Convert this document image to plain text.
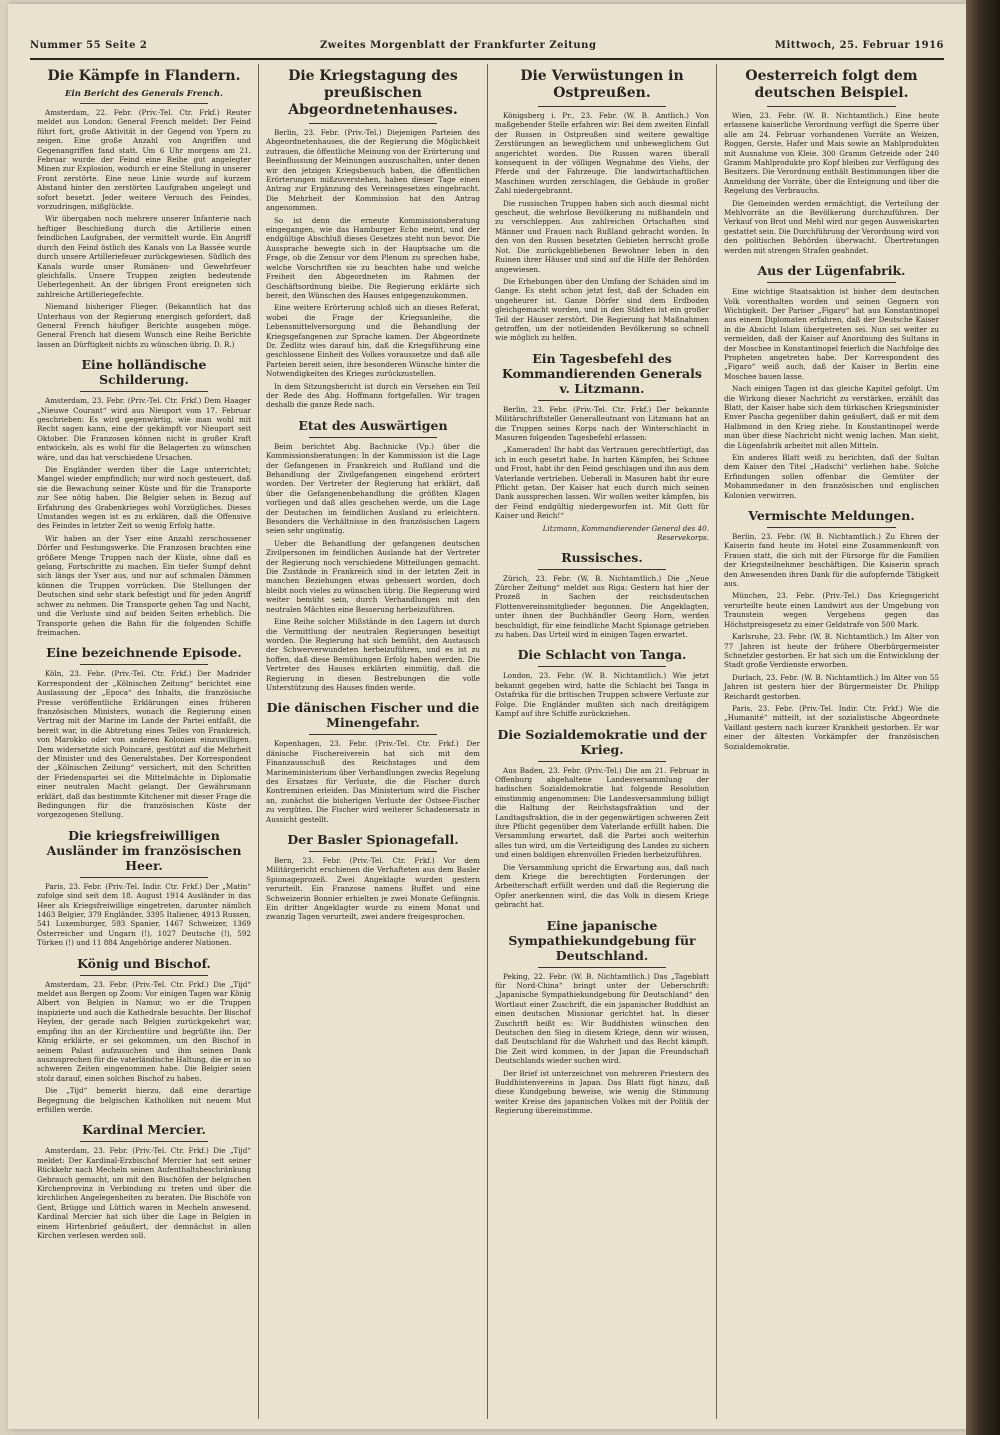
Nummer 55 Seite 2	Zweites Morgenblatt der Frankfurter Zeitung	Mittwoch, 25. Februar 1916
Die Kämpfe in Flandern.
Ein Bericht des Generals French.

Amsterdam, 22. Febr. (Priv.-Tel. Ctr. Frkf.) Reuter meldet aus London: General French meldet: Der Feind führt fort, große Aktivität in der Gegend von Ypern zu zeigen. Eine große Anzahl von Angriffen und Gegenangriffen fand statt. Um 6 Uhr morgens am 21. Februar wurde der Feind eine Reihe gut angelegter Minen zur Explosion, wodurch er eine Stellung in unserer Front zerstörte. Eine neue Linie wurde auf kurzem Abstand hinter den zerstörten Laufgraben angelegt und sofort besetzt. Jeder weitere Versuch des Feindes, vorzudringen, mißglückte.

Wir übergaben noch mehrere unserer Infanterie nach heftiger Beschießung durch die Artillerie einen feindlichen Laufgraben, der vermittelt wurde. Ein Angriff durch den Feind östlich des Kanals von La Bassée wurde durch unsere Artilleriefeuer zurückgewiesen. Südlich des Kanals wurde unser Rumänen- und Gewehrfeuer gleichfalls. Unsere Truppen zeigten bedeutende Ueberlegenheit. An der übrigen Front ereigneten sich zahlreiche Artilleriegefechte.

Niemand bisheriger Flieger. (Bekanntlich hat das Unterhaus von der Regierung energisch gefordert, daß General French häufiger Berichte ausgeben möge. General French hat diesem Wunsch eine Reihe Berichte lassen an Dürftigkeit nichts zu wünschen übrig. D. R.)

Eine holländische Schilderung.

Amsterdam, 23. Febr. (Priv.-Tel. Ctr. Frkf.) Dem Haager „Nieuwe Courant“ wird aus Nieuport vom 17. Februar geschrieben: Es wird gegenwärtig, wie man wohl mit Recht sagen kann, eine der gekämpft vor Nieuport seit Oktober. Die Franzosen können nicht in großer Kraft entwickeln, als es wohl für die Belagerten zu wünschen wäre, und das hat verschiedene Ursachen.

Die Engländer werden über die Lage unterrichtet; Mangel wieder empfindlich; nur wird noch gesteuert, daß sie die Bewachung seiner Küste und für die Transporte zur See nötig haben. Die Belgier sehen in Bezug auf Erfahrung des Grabenkrieges wohl Vorzügliches. Dieses Umstandes wegen ist es zu erklären, daß die Offensive des Feindes in letzter Zeit so wenig Erfolg hatte.

Wir haben an der Yser eine Anzahl zerschossener Dörfer und Festungswerke. Die Franzosen brachten eine größere Menge Truppen nach der Küste, ohne daß es gelang, Fortschritte zu machen. Ein tiefer Sumpf dehnt sich längs der Yser aus, und nur auf schmalen Dämmen können die Truppen vorrücken. Die Stellungen der Deutschen sind sehr stark befestigt und für jeden Angriff schwer zu nehmen. Die Transporte gehen Tag und Nacht, und die Verluste sind auf beiden Seiten erheblich. Die Transporte gehen die Bahn für die folgenden Schiffe freimachen.

Eine bezeichnende Episode.

Köln, 23. Febr. (Priv.-Tel. Ctr. Frkf.) Der Madrider Korrespondent der „Kölnischen Zeitung“ berichtet eine Auslassung der „Epoca“ des Inhalts, die französische Presse veröffentliche Erklärungen eines früheren französischen Ministers, wonach die Regierung einen Vertrag mit der Marine im Lande der Partei entfaßt, die bereit war, in die Abtretung eines Teiles von Frankreich, von Marokko oder von anderen Kolonien einzuwilligen. Dem widersetzte sich Poincaré, gestützt auf die Mehrheit der Minister und des Generalstabes. Der Korrespondent der „Kölnischen Zeitung“ versichert, mit den Schritten der Friedenspartei sei die Mittelmächte in Diplomatie einer neutralen Macht gelangt. Der Gewährsmann erklärt, daß das bestimmte Kitchener mit dieser Frage die Bedingungen für die französischen Küste der vorgezogenen Stellung.

Die kriegsfreiwilligen Ausländer im französischen Heer.

Paris, 23. Febr. (Priv.-Tel. Indir. Ctr. Frkf.) Der „Matin“ zufolge sind seit dem 18. August 1914 Ausländer in das Heer als Kriegsfreiwillige eingetreten, darunter nämlich 1463 Belgier, 379 Engländer, 3395 Italiener, 4913 Russen, 541 Luxemburger, 593 Spanier, 1467 Schweizer, 1369 Österreicher und Ungarn (!), 1027 Deutsche (!), 592 Türken (!) und 11 884 Angehörige anderer Nationen.

König und Bischof.

Amsterdam, 23. Febr. (Priv.-Tel. Ctr. Frkf.) Die „Tijd“ meldet aus Bergen op Zoom: Vor einigen Tagen war König Albert von Belgien in Namur, wo er die Truppen inspizierte und auch die Kathedrale besuchte. Der Bischof Heylen, der gerade nach Belgien zurückgekehrt war, empfing ihn an der Kirchentüre und begrüßte ihn. Der König erklärte, er sei gekommen, um den Bischof in seinem Palast aufzusuchen und ihm seinen Dank auszusprechen für die vaterländische Haltung, die er in so schweren Zeiten eingenommen habe. Die Belgier seien stolz darauf, einen solchen Bischof zu haben.

Die „Tijd“ bemerkt hierzu, daß eine derartige Begegnung die belgischen Katholiken mit neuem Mut erfüllen werde.

Kardinal Mercier.

Amsterdam, 23. Febr. (Priv.-Tel. Ctr. Frkf.) Die „Tijd“ meldet: Der Kardinal-Erzbischof Mercier hat seit seiner Rückkehr nach Mecheln seinen Aufenthaltsbeschränkung Gebrauch gemacht, um mit den Bischöfen der belgischen Kirchenprovinz in Verbindung zu treten und über die kirchlichen Angelegenheiten zu beraten. Die Bischöfe von Gent, Brügge und Lüttich waren in Mecheln anwesend. Kardinal Mercier hat sich über die Lage in Belgien in einem Hirtenbrief geäußert, der demnächst in allen Kirchen verlesen werden soll.

Die Kriegstagung des preußischen Abgeordnetenhauses.

Berlin, 23. Febr. (Priv.-Tel.) Diejenigen Parteien des Abgeordnetenhauses, die der Regierung die Möglichkeit zutrauen, die öffentliche Meinung von der Erörterung und Beeinflussung der Meinungen auszuschalten, unter denen wir den jetzigen Kriegsbesuch haben, die öffentlichen Erörterungen mißzuverstehen, haben dieser Tage einen Antrag zur Ergänzung des Vereinsgesetzes eingebracht. Die Mehrheit der Kommission hat den Antrag angenommen.

So ist denn die erneute Kommissionsberatung eingegangen, wie das Hamburger Echo meint, und der endgültige Abschluß dieses Gesetzes steht nun bevor. Die Aussprache bewegte sich in der Hauptsache um die Frage, ob die Zensur vor dem Plenum zu sprechen habe, welche Vorschriften sie zu beachten habe und welche Freiheit den Abgeordneten im Rahmen der Geschäftsordnung bleibe. Die Regierung erklärte sich bereit, den Wünschen des Hauses entgegenzukommen.

Eine weitere Erörterung schloß sich an dieses Referat, wobei die Frage der Kriegsanleihe, die Lebensmittelversorgung und die Behandlung der Kriegsgefangenen zur Sprache kamen. Der Abgeordnete Dr. Zedlitz wies darauf hin, daß die Kriegsführung eine geschlossene Einheit des Volkes voraussetze und daß alle Parteien bereit seien, ihre besonderen Wünsche hinter die Notwendigkeiten des Krieges zurückzustellen.

In dem Sitzungsbericht ist durch ein Versehen ein Teil der Rede des Abg. Hoffmann fortgefallen. Wir tragen deshalb die ganze Rede nach.

Etat des Auswärtigen

Beim berichtet Abg. Bachnicke (Vp.) über die Kommissionsberatungen: In der Kommission ist die Lage der Gefangenen in Frankreich und Rußland und die Behandlung der Zivilgefangenen eingehend erörtert worden. Der Vertreter der Regierung hat erklärt, daß über die Gefangenenbehandlung die größten Klagen vorliegen und daß alles geschehen werde, um die Lage der Deutschen im feindlichen Ausland zu erleichtern. Besonders die Verhältnisse in den französischen Lagern seien sehr ungünstig.

Ueber die Behandlung der gefangenen deutschen Zivilpersonen im feindlichen Auslande hat der Vertreter der Regierung noch verschiedene Mitteilungen gemacht. Die Zustände in Frankreich sind in der letzten Zeit in manchen Beziehungen etwas gebessert worden, doch bleibt noch vieles zu wünschen übrig. Die Regierung wird weiter bemüht sein, durch Verhandlungen mit den neutralen Mächten eine Besserung herbeizuführen.

Eine Reihe solcher Mißstände in den Lagern ist durch die Vermittlung der neutralen Regierungen beseitigt worden. Die Regierung hat sich bemüht, den Austausch der Schwerverwundeten herbeizuführen, und es ist zu hoffen, daß diese Bemühungen Erfolg haben werden. Die Vertreter des Hauses erklärten einmütig, daß die Regierung in diesen Bestrebungen die volle Unterstützung des Hauses finden werde.

Die dänischen Fischer und die Minengefahr.

Kopenhagen, 23. Febr. (Priv.-Tel. Ctr. Frkf.) Der dänische Fischereiverein hat sich mit dem Finanzausschuß des Reichstages und dem Marineministerium über Verhandlungen zwecks Regelung des Ersatzes für Verluste, die die Fischer durch Kontreminen erleiden. Das Ministerium wird die Fischer an, zunächst die bisherigen Verluste der Ostsee-Fischer zu vergüten. Die Fischer wird weiterer Schadenersatz in Aussicht gestellt.

Der Basler Spionagefall.

Bern, 23. Febr. (Priv.-Tel. Ctr. Frkf.) Vor dem Militärgericht erschienen die Verhafteten aus dem Basler Spionageprozeß. Zwei Angeklagte wurden gestern verurteilt. Ein Franzose namens Buffet und eine Schweizerin Bonnier erhielten je zwei Monate Gefängnis. Ein dritter Angeklagter wurde zu einem Monat und zwanzig Tagen verurteilt, zwei andere freigesprochen.

Die Verwüstungen in Ostpreußen.

Königsberg i. Pr., 23. Febr. (W. B. Amtlich.) Von maßgebender Stelle erfahren wir: Bei dem zweiten Einfall der Russen in Ostpreußen sind weitere gewaltige Zerstörungen an beweglichem und unbeweglichem Gut angerichtet worden. Die Russen waren überall konsequent in der völligen Wegnahme des Viehs, der Pferde und der Fahrzeuge. Die landwirtschaftlichen Maschinen wurden zerschlagen, die Gebäude in großer Zahl niedergebrannt.

Die russischen Truppen haben sich auch diesmal nicht gescheut, die wehrlose Bevölkerung zu mißhandeln und zu verschleppen. Aus zahlreichen Ortschaften sind Männer und Frauen nach Rußland gebracht worden. In den von den Russen besetzten Gebieten herrscht große Not. Die zurückgebliebenen Bewohner leben in den Ruinen ihrer Häuser und sind auf die Hilfe der Behörden angewiesen.

Die Erhebungen über den Umfang der Schäden sind im Gange. Es steht schon jetzt fest, daß der Schaden ein ungeheurer ist. Ganze Dörfer sind dem Erdboden gleichgemacht worden, und in den Städten ist ein großer Teil der Häuser zerstört. Die Regierung hat Maßnahmen getroffen, um der notleidenden Bevölkerung so schnell wie möglich zu helfen.

Ein Tagesbefehl des Kommandierenden Generals v. Litzmann.

Berlin, 23. Febr. (Priv.-Tel. Ctr. Frkf.) Der bekannte Militärschriftsteller Generalleutnant von Litzmann hat an die Truppen seines Korps nach der Winterschlacht in Masuren folgenden Tagesbefehl erlassen:

„Kameraden! Ihr habt das Vertrauen gerechtfertigt, das ich in euch gesetzt habe. In harten Kämpfen, bei Schnee und Frost, habt ihr den Feind geschlagen und ihn aus dem Vaterlande vertrieben. Ueberall in Masuren habt ihr eure Pflicht getan. Der Kaiser hat euch durch mich seinen Dank aussprechen lassen. Wir wollen weiter kämpfen, bis der Feind endgültig niedergeworfen ist. Mit Gott für Kaiser und Reich!“

Litzmann, Kommandierender General des 40. Reservekorps.
Russisches.

Zürich, 23. Febr. (W. B. Nichtamtlich.) Die „Neue Zürcher Zeitung“ meldet aus Riga: Gestern hat hier der Prozeß in Sachen der reichsdeutschen Flottenvereinsmitglieder begonnen. Die Angeklagten, unter ihnen der Buchhändler Georg Horn, werden beschuldigt, für eine feindliche Macht Spionage getrieben zu haben. Das Urteil wird in einigen Tagen erwartet.

Die Schlacht von Tanga.

London, 23. Febr. (W. B. Nichtamtlich.) Wie jetzt bekannt gegeben wird, hatte die Schlacht bei Tanga in Ostafrika für die britischen Truppen schwere Verluste zur Folge. Die Engländer mußten sich nach dreitägigem Kampf auf ihre Schiffe zurückziehen.

Die Sozialdemokratie und der Krieg.

Aus Baden, 23. Febr. (Priv.-Tel.) Die am 21. Februar in Offenburg abgehaltene Landesversammlung der badischen Sozialdemokratie hat folgende Resolution einstimmig angenommen: Die Landesversammlung billigt die Haltung der Reichstagsfraktion und der Landtagsfraktion, die in der gegenwärtigen schweren Zeit ihre Pflicht gegenüber dem Vaterlande erfüllt haben. Die Versammlung erwartet, daß die Partei auch weiterhin alles tun wird, um die Verteidigung des Landes zu sichern und einen baldigen ehrenvollen Frieden herbeizuführen.

Die Versammlung spricht die Erwartung aus, daß nach dem Kriege die berechtigten Forderungen der Arbeiterschaft erfüllt werden und daß die Regierung die Opfer anerkennen wird, die das Volk in diesem Kriege gebracht hat.

Eine japanische Sympathiekundgebung für Deutschland.

Peking, 22. Febr. (W. B. Nichtamtlich.) Das „Tageblatt für Nord-China“ bringt unter der Ueberschrift: „Japanische Sympathiekundgebung für Deutschland“ den Wortlaut einer Zuschrift, die ein japanischer Buddhist an einen deutschen Missionar gerichtet hat. In dieser Zuschrift heißt es: Wir Buddhisten wünschen den Deutschen den Sieg in diesem Kriege, denn wir wissen, daß Deutschland für die Wahrheit und das Recht kämpft. Die Zeit wird kommen, in der Japan die Freundschaft Deutschlands wieder suchen wird.

Der Brief ist unterzeichnet von mehreren Priestern des Buddhistenvereins in Japan. Das Blatt fügt hinzu, daß diese Kundgebung beweise, wie wenig die Stimmung weiter Kreise des japanischen Volkes mit der Politik der Regierung übereinstimme.

Oesterreich folgt dem deutschen Beispiel.

Wien, 23. Febr. (W. B. Nichtamtlich.) Eine heute erlassene kaiserliche Verordnung verfügt die Sperre über alle am 24. Februar vorhandenen Vorräte an Weizen, Roggen, Gerste, Hafer und Mais sowie an Mahlprodukten mit Ausnahme von Kleie. 300 Gramm Getreide oder 240 Gramm Mahlprodukte pro Kopf bleiben zur Verfügung des Besitzers. Die Verordnung enthält Bestimmungen über die Anmeldung der Vorräte, über die Enteignung und über die Regelung des Verbrauchs.

Die Gemeinden werden ermächtigt, die Verteilung der Mehlvorräte an die Bevölkerung durchzuführen. Der Verkauf von Brot und Mehl wird nur gegen Ausweiskarten gestattet sein. Die Durchführung der Verordnung wird von den politischen Behörden überwacht. Übertretungen werden mit strengen Strafen geahndet.

Aus der Lügenfabrik.

Eine wichtige Staatsaktion ist bisher dem deutschen Volk vorenthalten worden und seinen Gegnern von Wichtigkeit. Der Pariser „Figaro“ hat aus Konstantinopel aus einem Diplomaten erfahren, daß der Deutsche Kaiser in die Absicht Islam übergetreten sei. Nun sei weiter zu vermelden, daß der Kaiser auf Anordnung des Sultans in der Moschee in Konstantinopel feierlich die Nachfolge des Propheten angetreten habe. Der Korrespondent des „Figaro“ weiß auch, daß der Kaiser in Berlin eine Moschee bauen lasse.

Nach einigen Tagen ist das gleiche Kapitel gefolgt. Um die Wirkung dieser Nachricht zu verstärken, erzählt das Blatt, der Kaiser habe sich dem türkischen Kriegsminister Enver Pascha gegenüber dahin geäußert, daß er mit dem Halbmond in den Krieg ziehe. In Konstantinopel werde man über diese Nachricht nicht wenig lachen. Man sieht, die Lügenfabrik arbeitet mit allen Mitteln.

Ein anderes Blatt weiß zu berichten, daß der Sultan dem Kaiser den Titel „Hadschi“ verliehen habe. Solche Erfindungen sollen offenbar die Gemüter der Mohammedaner in den französischen und englischen Kolonien verwirren.

Vermischte Meldungen.

Berlin, 23. Febr. (W. B. Nichtamtlich.) Zu Ehren der Kaiserin fand heute im Hotel eine Zusammenkunft von Frauen statt, die sich mit der Fürsorge für die Familien der Kriegsteilnehmer beschäftigen. Die Kaiserin sprach den Anwesenden ihren Dank für die aufopfernde Tätigkeit aus.

München, 23. Febr. (Priv.-Tel.) Das Kriegsgericht verurteilte heute einen Landwirt aus der Umgebung von Traunstein wegen Vergehens gegen das Höchstpreisgesetz zu einer Geldstrafe von 500 Mark.

Karlsruhe, 23. Febr. (W. B. Nichtamtlich.) Im Alter von 77 Jahren ist heute der frühere Oberbürgermeister Schnetzler gestorben. Er hat sich um die Entwicklung der Stadt große Verdienste erworben.

Durlach, 23. Febr. (W. B. Nichtamtlich.) Im Alter von 55 Jahren ist gestern hier der Bürgermeister Dr. Philipp Reichardt gestorben.

Paris, 23. Febr. (Priv.-Tel. Indir. Ctr. Frkf.) Wie die „Humanité“ mitteilt, ist der sozialistische Abgeordnete Vaillant gestern nach kurzer Krankheit gestorben. Er war einer der ältesten Vorkämpfer der französischen Sozialdemokratie.
